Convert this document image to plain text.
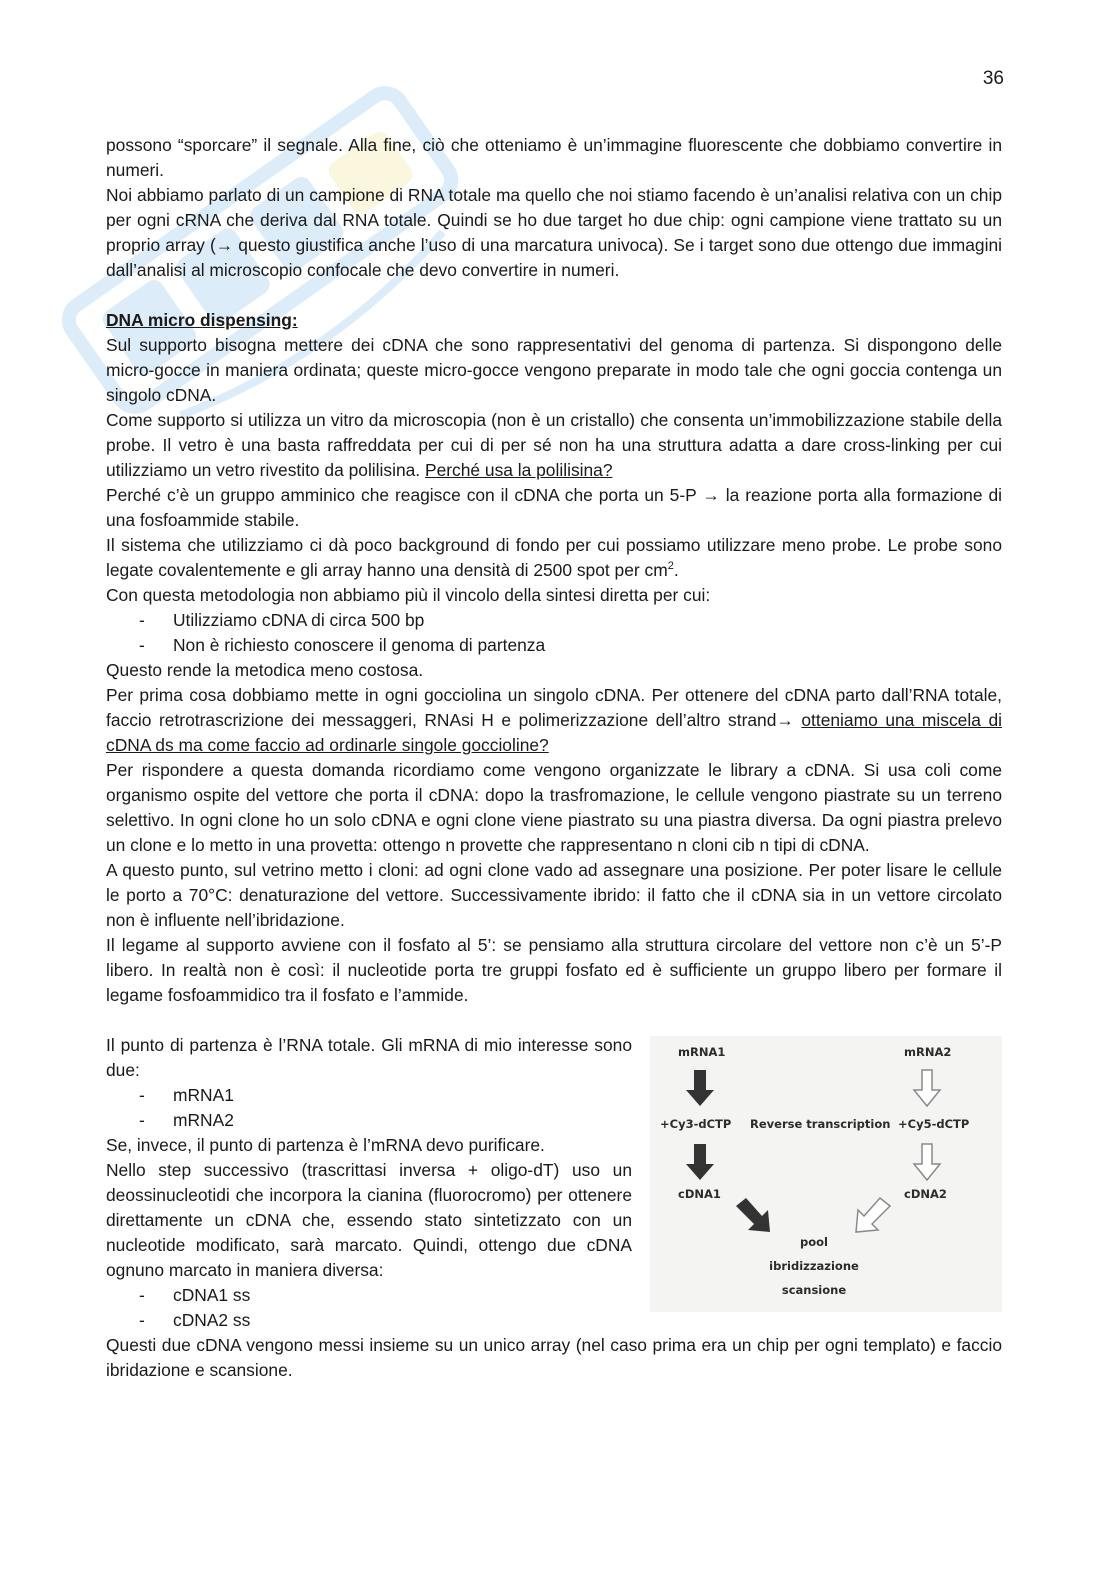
36

possono “sporcare” il segnale. Alla fine, ciò che otteniamo è un’immagine fluorescente che dobbiamo convertire in numeri.

Noi abbiamo parlato di un campione di RNA totale ma quello che noi stiamo facendo è un’analisi relativa con un chip per ogni cRNA che deriva dal RNA totale. Quindi se ho due target ho due chip: ogni campione viene trattato su un proprio array (→ questo giustifica anche l’uso di una marcatura univoca). Se i target sono due ottengo due immagini dall’analisi al microscopio confocale che devo convertire in numeri.

DNA micro dispensing:

Sul supporto bisogna mettere dei cDNA che sono rappresentativi del genoma di partenza. Si dispongono delle micro-gocce in maniera ordinata; queste micro-gocce vengono preparate in modo tale che ogni goccia contenga un singolo cDNA.

Come supporto si utilizza un vitro da microscopia (non è un cristallo) che consenta un’immobilizzazione stabile della probe. Il vetro è una basta raffreddata per cui di per sé non ha una struttura adatta a dare cross-linking per cui utilizziamo un vetro rivestito da polilisina. Perché usa la polilisina?

Perché c’è un gruppo amminico che reagisce con il cDNA che porta un 5-P → la reazione porta alla formazione di una fosfoammide stabile.

Il sistema che utilizziamo ci dà poco background di fondo per cui possiamo utilizzare meno probe. Le probe sono legate covalentemente e gli array hanno una densità di 2500 spot per $cm^2$.

Con questa metodologia non abbiamo più il vincolo della sintesi diretta per cui:

- Utilizziamo cDNA di circa 500 bp
- Non è richiesto conoscere il genoma di partenza

Questo rende la metodica meno costosa.

Per prima cosa dobbiamo mette in ogni gocciolina un singolo cDNA. Per ottenere del cDNA parto dall’RNA totale, faccio retrotrascrizione dei messaggeri, RNAsi H e polimerizzazione dell’altro strand→ otteniamo una miscela di cDNA ds ma come faccio ad ordinarle singole goccioline?

Per rispondere a questa domanda ricordiamo come vengono organizzate le library a cDNA. Si usa coli come organismo ospite del vettore che porta il cDNA: dopo la trasfromazione, le cellule vengono piastrate su un terreno selettivo. In ogni clone ho un solo cDNA e ogni clone viene piastrato su una piastra diversa. Da ogni piastra prelevo un clone e lo metto in una provetta: ottengo n provette che rappresentano n cloni cib n tipi di cDNA.

A questo punto, sul vetrino metto i cloni: ad ogni clone vado ad assegnare una posizione. Per poter lisare le cellule le porto a 70°C: denaturazione del vettore. Successivamente ibrido: il fatto che il cDNA sia in un vettore circolato non è influente nell’ibridazione.

Il legame al supporto avviene con il fosfato al 5’: se pensiamo alla struttura circolare del vettore non c’è un 5’-P libero. In realtà non è così: il nucleotide porta tre gruppi fosfato ed è sufficiente un gruppo libero per formare il legame fosfoammidico tra il fosfato e l’ammide.

mRNA1
+Cy3-dCTP
cDNA1
Reverse transcription
mRNA2
+Cy5-dCTP
cDNA2
pool
ibridizzazione
scansione

Il punto di partenza è l’RNA totale. Gli mRNA di mio interesse sono due:

- mRNA1
- mRNA2

Se, invece, il punto di partenza è l’mRNA devo purificare.

Nello step successivo (trascrittasi inversa + oligo-dT) uso un deossinucleotidi che incorpora la cianina (fluorocromo) per ottenere direttamente un cDNA che, essendo stato sintetizzato con un nucleotide modificato, sarà marcato. Quindi, ottengo due cDNA ognuno marcato in maniera diversa:

- cDNA1 ss
- cDNA2 ss

Questi due cDNA vengono messi insieme su un unico array (nel caso prima era un chip per ogni templato) e faccio ibridazione e scansione.
